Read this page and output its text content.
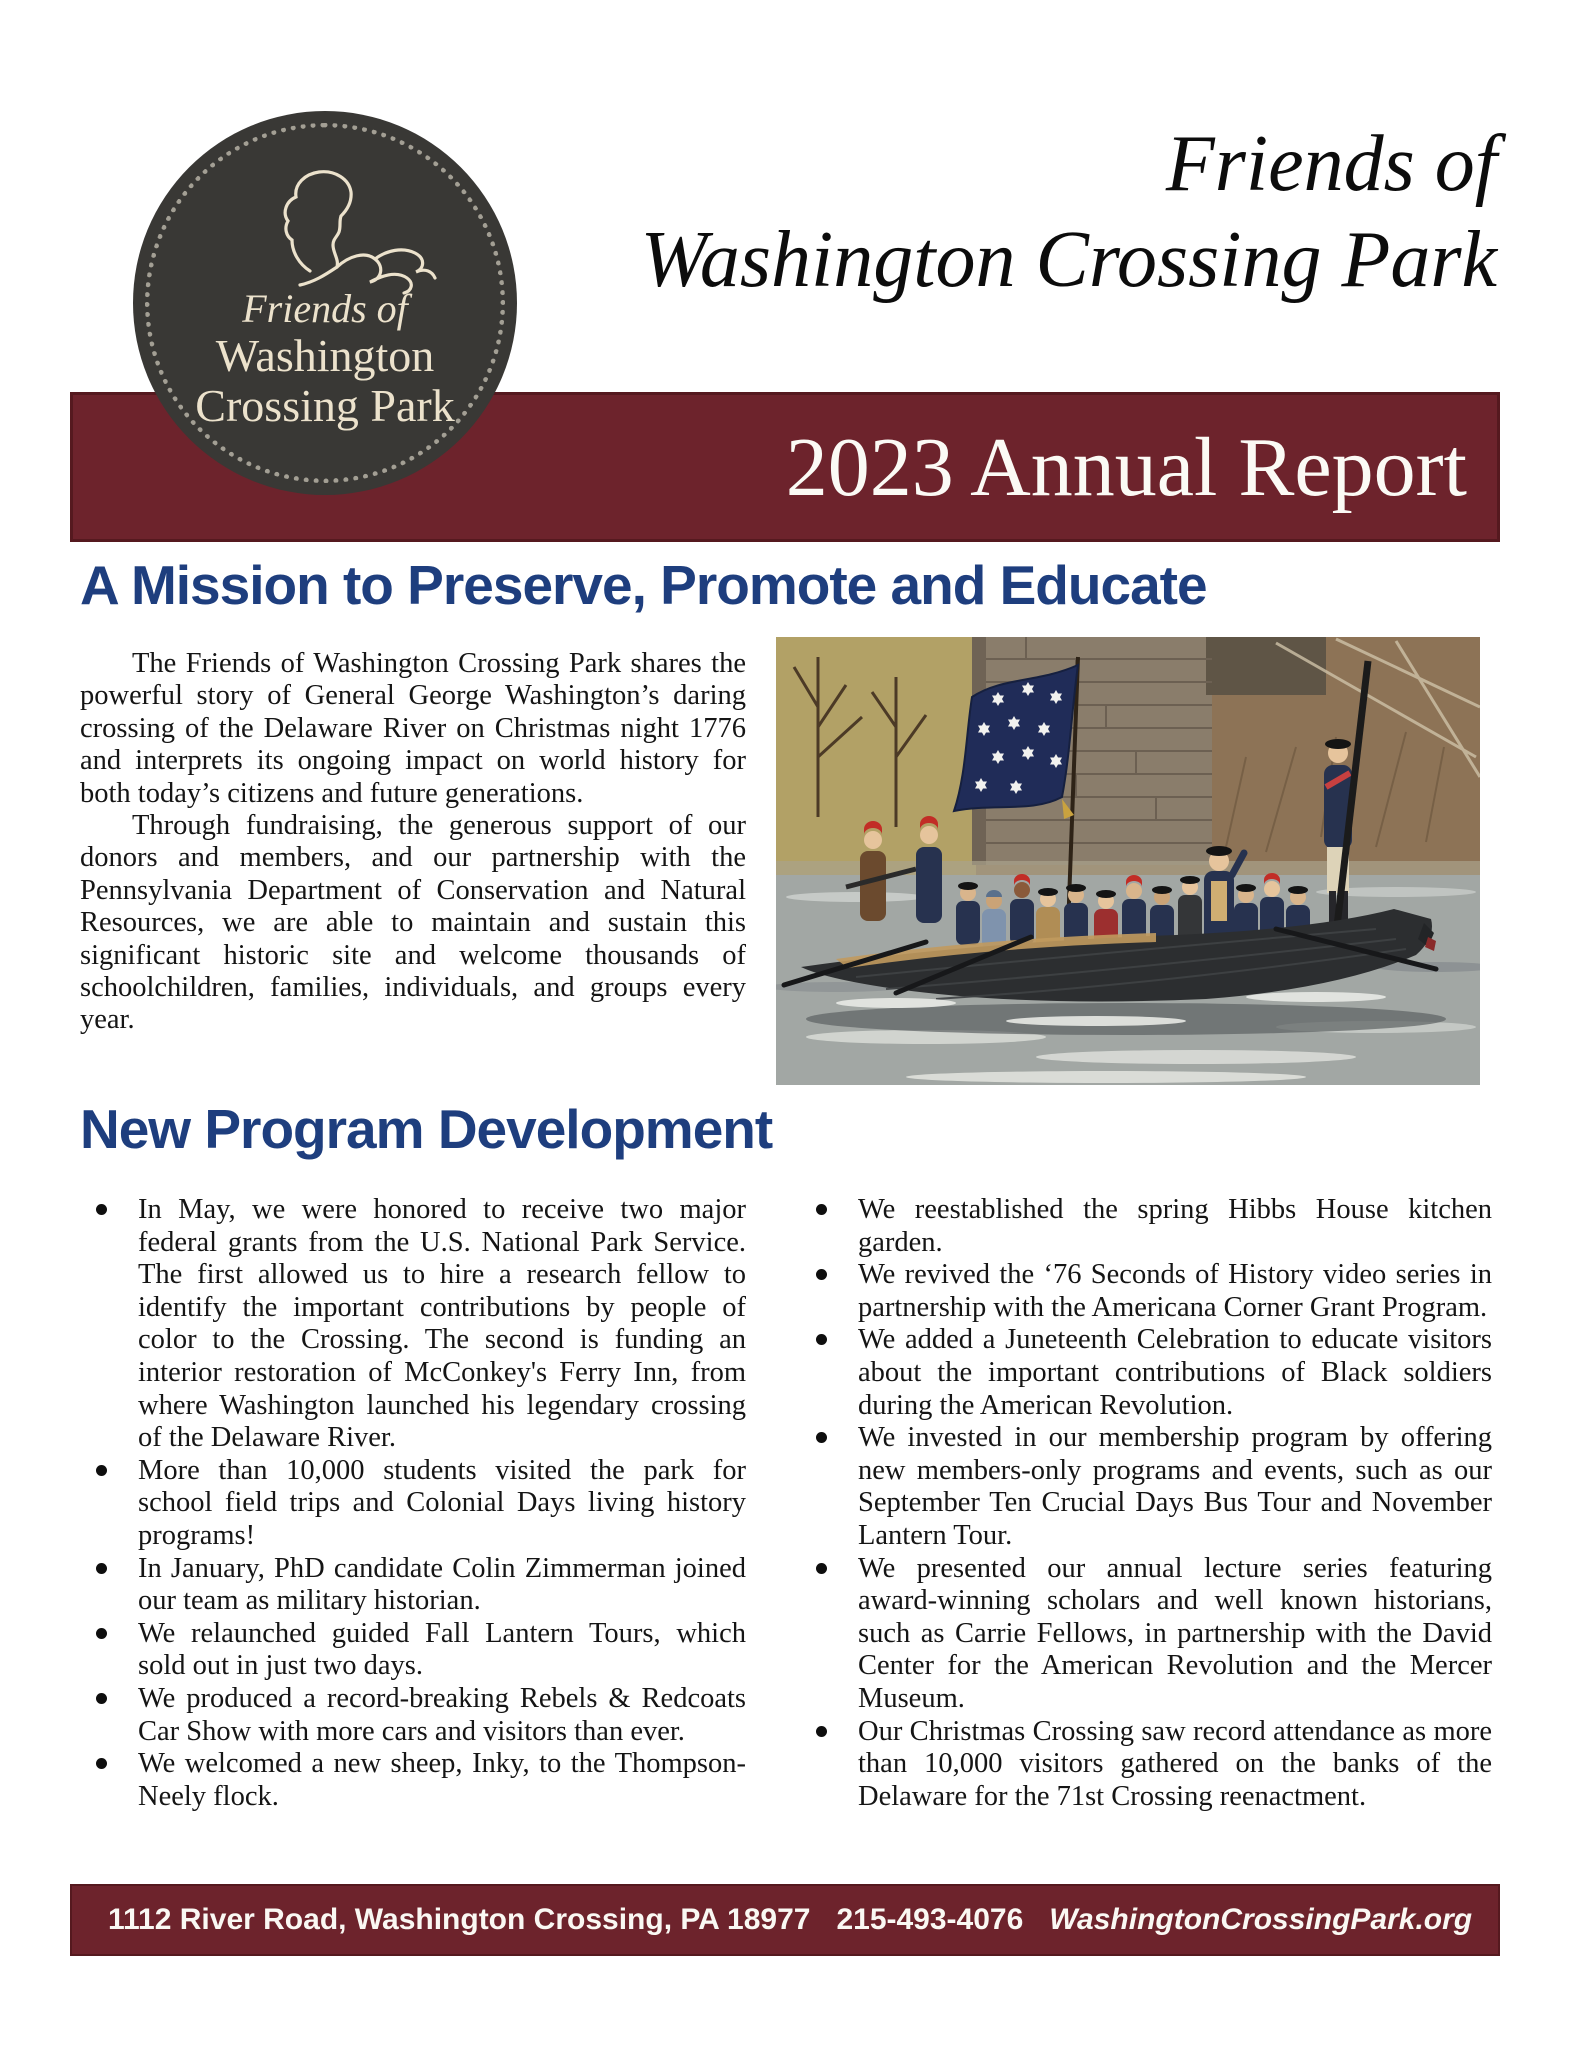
Friends of
Washington Crossing Park
2023 Annual Report
Friends of
Washington
Crossing Park
A Mission to Preserve, Promote and Educate

The Friends of Washington Crossing Park shares the powerful story of General George Washington’s daring crossing of the Delaware River on Christmas night 1776 and interprets its ongoing impact on world history for both today’s citizens and future generations.

Through fundraising, the generous support of our donors and members, and our partnership with the Pennsylvania Department of Conservation and Natural Resources, we are able to maintain and sustain this significant historic site and welcome thousands of schoolchildren, families, individuals, and groups every year.

New Program Development
In May, we were honored to receive two major federal grants from the U.S. National Park Service. The first allowed us to hire a research fellow to identify the important contributions by people of color to the Crossing. The second is funding an interior restoration of McConkey's Ferry Inn, from where Washington launched his legendary crossing of the Delaware River.
More than 10,000 students visited the park for school field trips and Colonial Days living history programs!
In January, PhD candidate Colin Zimmerman joined our team as military historian.
We relaunched guided Fall Lantern Tours, which sold out in just two days.
We produced a record-breaking Rebels & Redcoats Car Show with more cars and visitors than ever.
We welcomed a new sheep, Inky, to the Thompson-Neely flock.
We reestablished the spring Hibbs House kitchen garden.
We revived the ‘76 Seconds of History video series in partnership with the Americana Corner Grant Program.
We added a Juneteenth Celebration to educate visitors about the important contributions of Black soldiers during the American Revolution.
We invested in our membership program by offering new members-only programs and events, such as our September Ten Crucial Days Bus Tour and November Lantern Tour.
We presented our annual lecture series featuring award-winning scholars and well known historians, such as Carrie Fellows, in partnership with the David Center for the American Revolution and the Mercer Museum.
Our Christmas Crossing saw record attendance as more than 10,000 visitors gathered on the banks of the Delaware for the 71st Crossing reenactment.
1112 River Road, Washington Crossing, PA 18977 215-493-4076 WashingtonCrossingPark.org
